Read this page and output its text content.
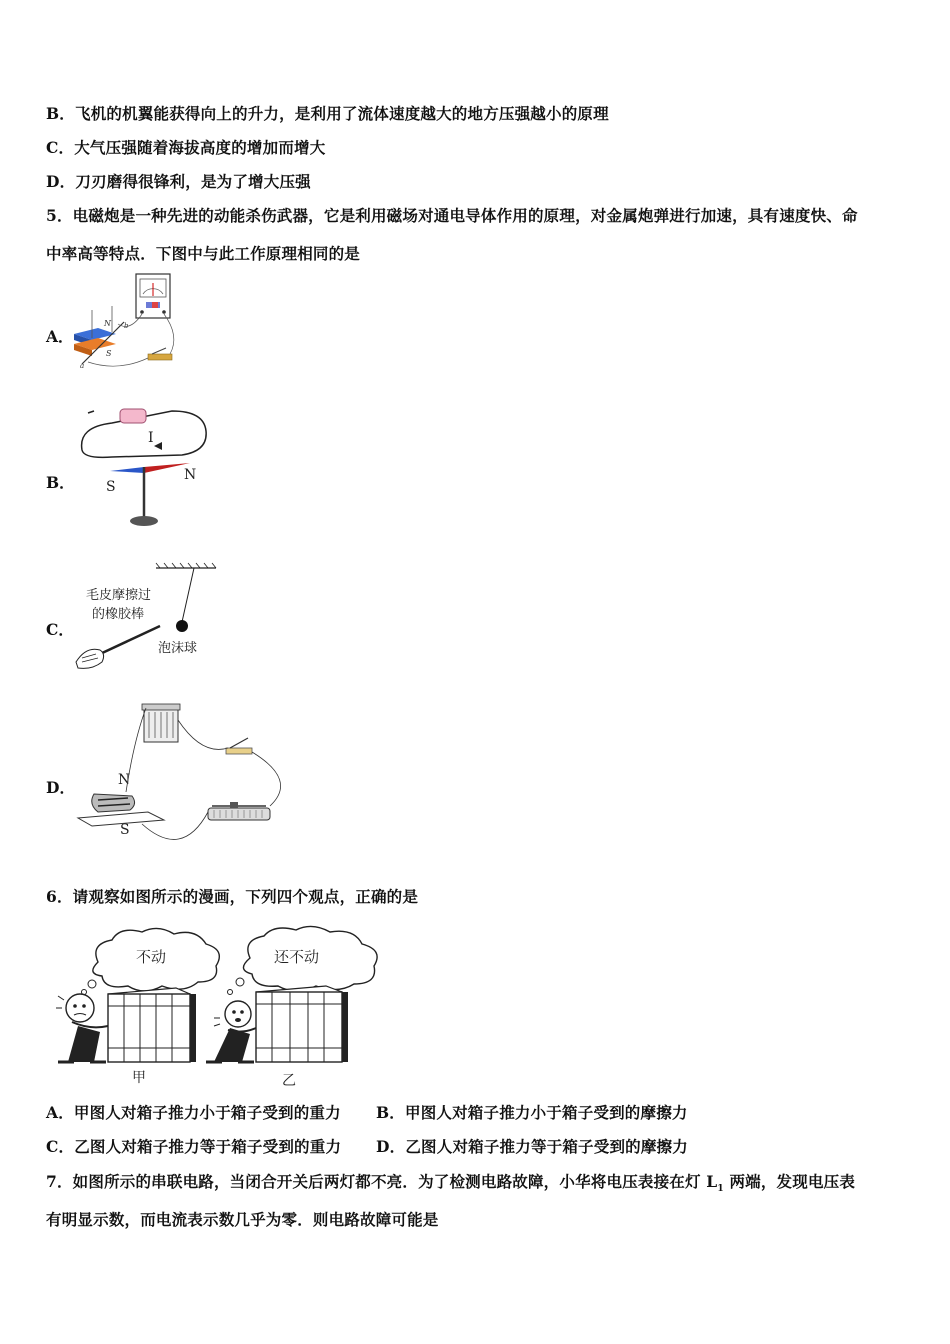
B．飞机的机翼能获得向上的升力，是利用了流体速度越大的地方压强越小的原理
C．大气压强随着海拔高度的增加而增大
D．刀刃磨得很锋利，是为了增大压强
5．电磁炮是一种先进的动能杀伤武器，它是利用磁场对通电导体作用的原理，对金属炮弹进行加速，具有速度快、命
中率高等特点．下图中与此工作原理相同的是
A．
N
S
a
b
B．
I
S
N
C．
毛皮摩擦过
的橡胶棒
泡沫球
D．	N
S
6．请观察如图所示的漫画，下列四个观点，正确的是
不动	还不动
甲	乙
A．甲图人对箱子推力小于箱子受到的重力 B．甲图人对箱子推力小于箱子受到的摩擦力
C．乙图人对箱子推力等于箱子受到的重力 D．乙图人对箱子推力等于箱子受到的摩擦力
7．如图所示的串联电路，当闭合开关后两灯都不亮．为了检测电路故障，小华将电压表接在灯 $L_1$ 两端，发现电压表
有明显示数，而电流表示数几乎为零．则电路故障可能是
